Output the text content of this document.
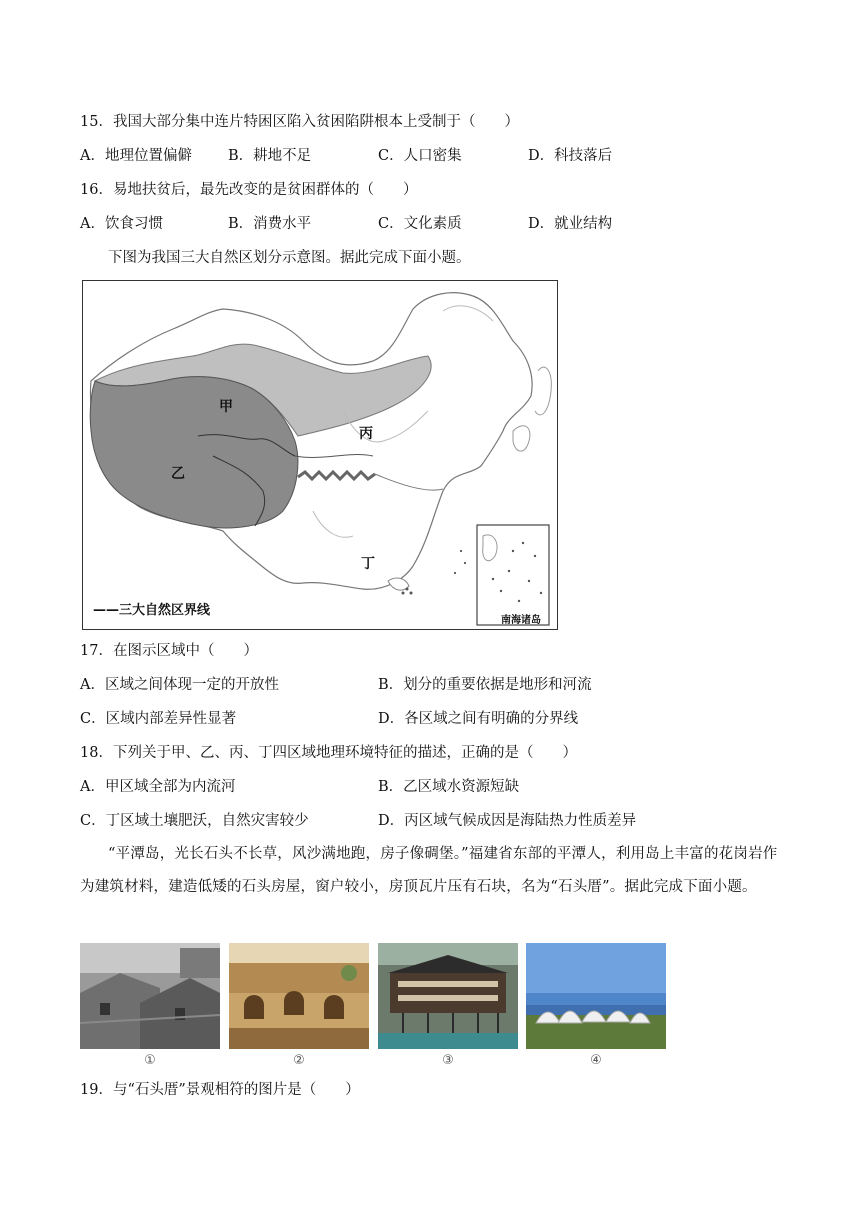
15．我国大部分集中连片特困区陷入贫困陷阱根本上受制于（　　）
A．地理位置偏僻 B．耕地不足	C．人口密集	D．科技落后
16．易地扶贫后，最先改变的是贫困群体的（　　）
A．饮食习惯	B．消费水平	C．文化素质	D．就业结构
下图为我国三大自然区划分示意图。据此完成下面小题。
甲
乙
丙
丁
——三大自然区界线
南海诸岛
17．在图示区域中（　　）
A．区域之间体现一定的开放性	B．划分的重要依据是地形和河流
C．区域内部差异性显著	D．各区域之间有明确的分界线
18．下列关于甲、乙、丙、丁四区域地理环境特征的描述，正确的是（　　）
A．甲区域全部为内流河	B．乙区域水资源短缺
C．丁区域土壤肥沃，自然灾害较少	D．丙区域气候成因是海陆热力性质差异
“平潭岛，光长石头不长草，风沙满地跑，房子像碉堡。”福建省东部的平潭人，利用岛上丰富的花岗岩作为建筑材料，建造低矮的石头房屋，窗户较小，房顶瓦片压有石块，名为“石头厝”。据此完成下面小题。
①	②	③	④
19．与“石头厝”景观相符的图片是（　　）
